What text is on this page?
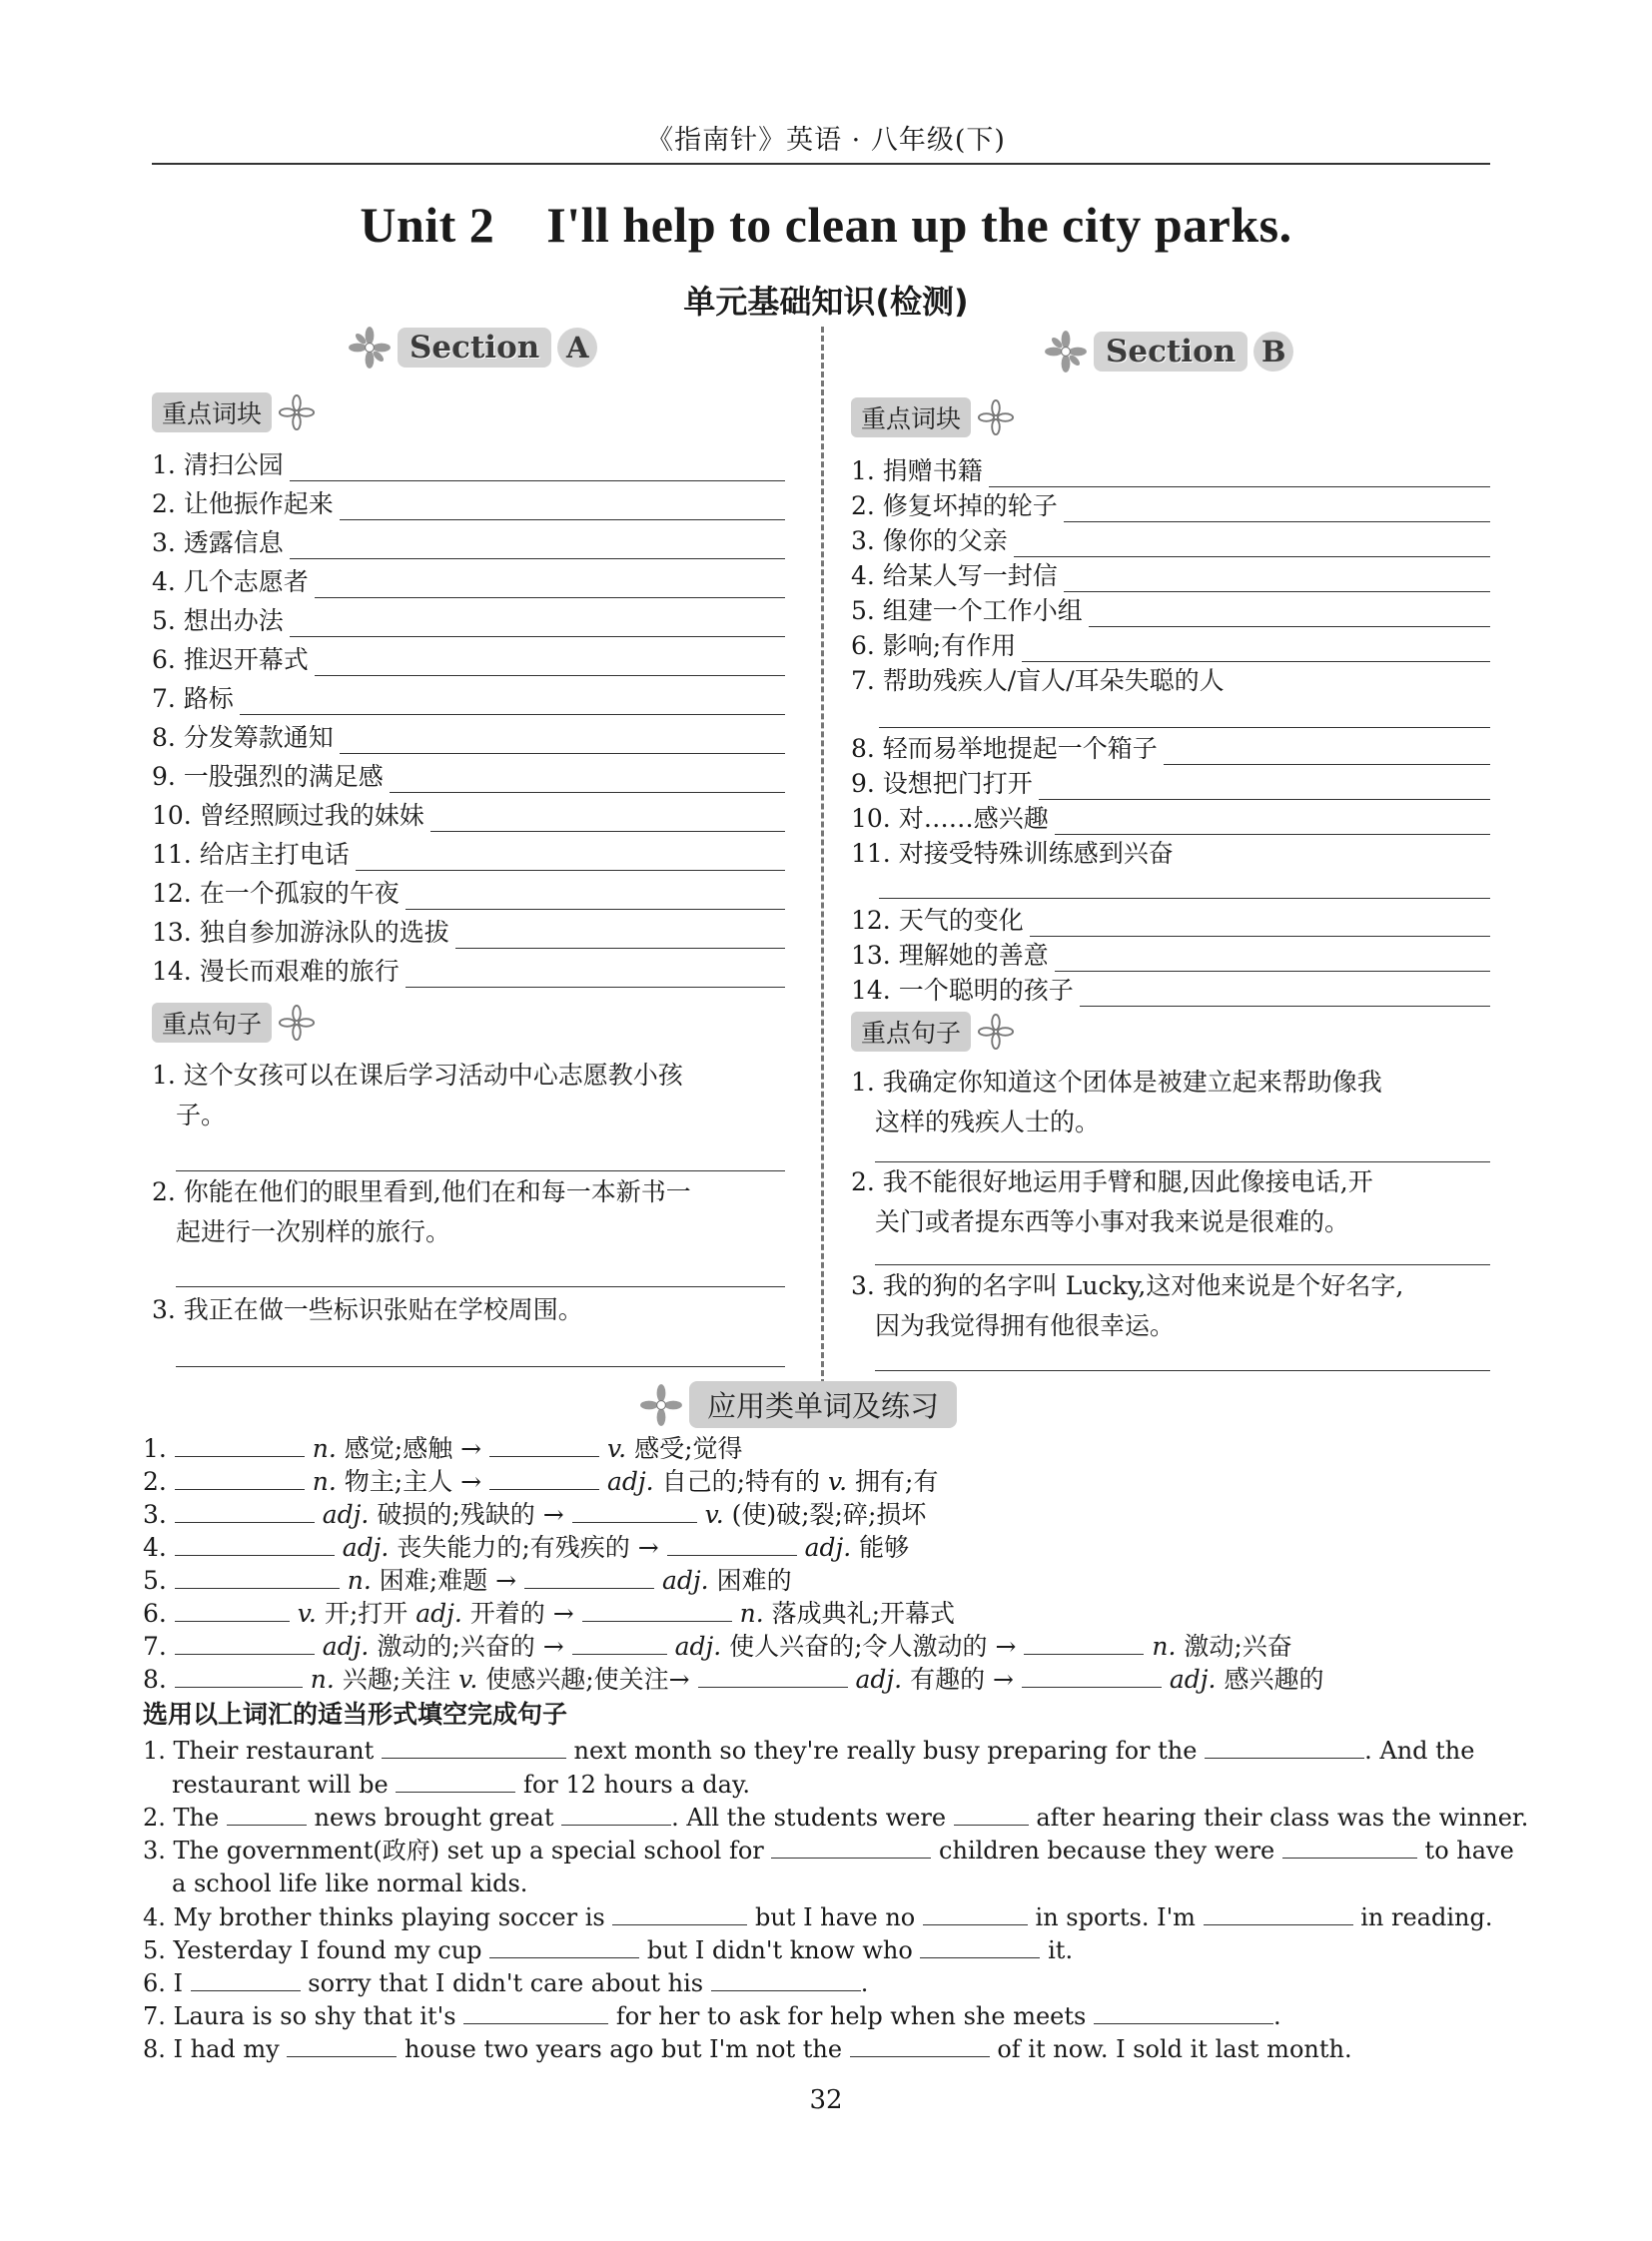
《指南针》英语 · 八年级(下)
Unit 2    I'll help to clean up the city parks.
单元基础知识(检测)
Section A	Section B
重点词块
1. 清扫公园
2. 让他振作起来
3. 透露信息
4. 几个志愿者
5. 想出办法
6. 推迟开幕式
7. 路标
8. 分发筹款通知
9. 一股强烈的满足感
10. 曾经照顾过我的妹妹
11. 给店主打电话
12. 在一个孤寂的午夜
13. 独自参加游泳队的选拔
14. 漫长而艰难的旅行
重点句子
1. 这个女孩可以在课后学习活动中心志愿教小孩
子。
2. 你能在他们的眼里看到,他们在和每一本新书一
起进行一次别样的旅行。
3. 我正在做一些标识张贴在学校周围。
重点词块
1. 捐赠书籍
2. 修复坏掉的轮子
3. 像你的父亲
4. 给某人写一封信
5. 组建一个工作小组
6. 影响;有作用
7. 帮助残疾人/盲人/耳朵失聪的人
8. 轻而易举地提起一个箱子
9. 设想把门打开
10. 对……感兴趣
11. 对接受特殊训练感到兴奋
12. 天气的变化
13. 理解她的善意
14. 一个聪明的孩子
重点句子
1. 我确定你知道这个团体是被建立起来帮助像我
这样的残疾人士的。
2. 我不能很好地运用手臂和腿,因此像接电话,开
关门或者提东西等小事对我来说是很难的。
3. 我的狗的名字叫 Lucky,这对他来说是个好名字,
因为我觉得拥有他很幸运。
应用类单词及练习
1.	n. 感觉;感触 →	v. 感受;觉得
2.	n. 物主;主人 →	adj. 自己的;特有的 v. 拥有;有
3.	adj. 破损的;残缺的 →	v. (使)破;裂;碎;损坏
4.	adj. 丧失能力的;有残疾的 →	adj. 能够
5.	n. 困难;难题 →	adj. 困难的
6.	v. 开;打开 adj. 开着的 →	n. 落成典礼;开幕式
7.	adj. 激动的;兴奋的 →	adj. 使人兴奋的;令人激动的 →	n. 激动;兴奋
8.	n. 兴趣;关注 v. 使感兴趣;使关注→	adj. 有趣的 →	adj. 感兴趣的
选用以上词汇的适当形式填空完成句子
1. Their restaurant	next month so they're really busy preparing for the	. And the
restaurant will be	for 12 hours a day.
2. The	news brought great	. All the students were	after hearing their class was the winner.
3. The government(政府) set up a special school for	children because they were	to have
a school life like normal kids.
4. My brother thinks playing soccer is	but I have no	in sports. I'm	in reading.
5. Yesterday I found my cup	but I didn't know who	it.
6. I	sorry that I didn't care about his	.
7. Laura is so shy that it's	for her to ask for help when she meets	.
8. I had my	house two years ago but I'm not the	of it now. I sold it last month.
32
